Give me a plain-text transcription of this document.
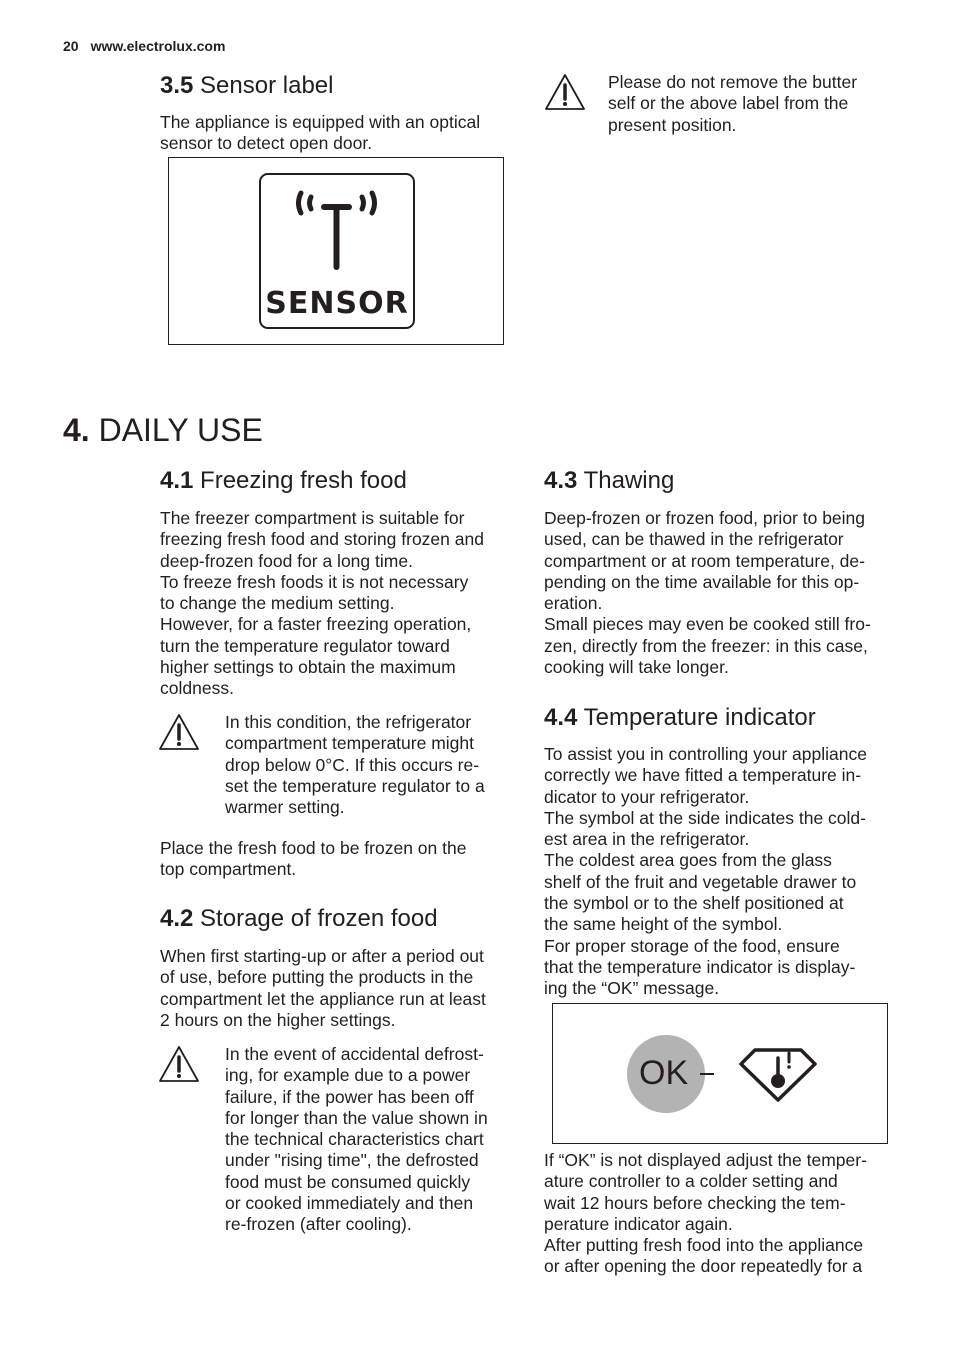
20 www.electrolux.com
3.5 Sensor label
The appliance is equipped with an optical
sensor to detect open door.
SENSOR
Please do not remove the butter
self or the above label from the
present position.
4. DAILY USE
4.1 Freezing fresh food
The freezer compartment is suitable for
freezing fresh food and storing frozen and
deep-frozen food for a long time.
To freeze fresh foods it is not necessary
to change the medium setting.
However, for a faster freezing operation,
turn the temperature regulator toward
higher settings to obtain the maximum
coldness.
In this condition, the refrigerator
compartment temperature might
drop below 0°C. If this occurs re-
set the temperature regulator to a
warmer setting.
Place the fresh food to be frozen on the
top compartment.
4.2 Storage of frozen food
When first starting-up or after a period out
of use, before putting the products in the
compartment let the appliance run at least
2 hours on the higher settings.
In the event of accidental defrost-
ing, for example due to a power
failure, if the power has been off
for longer than the value shown in
the technical characteristics chart
under "rising time", the defrosted
food must be consumed quickly
or cooked immediately and then
re-frozen (after cooling).
4.3 Thawing
Deep-frozen or frozen food, prior to being
used, can be thawed in the refrigerator
compartment or at room temperature, de-
pending on the time available for this op-
eration.
Small pieces may even be cooked still fro-
zen, directly from the freezer: in this case,
cooking will take longer.
4.4 Temperature indicator
To assist you in controlling your appliance
correctly we have fitted a temperature in-
dicator to your refrigerator.
The symbol at the side indicates the cold-
est area in the refrigerator.
The coldest area goes from the glass
shelf of the fruit and vegetable drawer to
the symbol or to the shelf positioned at
the same height of the symbol.
For proper storage of the food, ensure
that the temperature indicator is display-
ing the “OK” message.
OK
If “OK” is not displayed adjust the temper-
ature controller to a colder setting and
wait 12 hours before checking the tem-
perature indicator again.
After putting fresh food into the appliance
or after opening the door repeatedly for a
